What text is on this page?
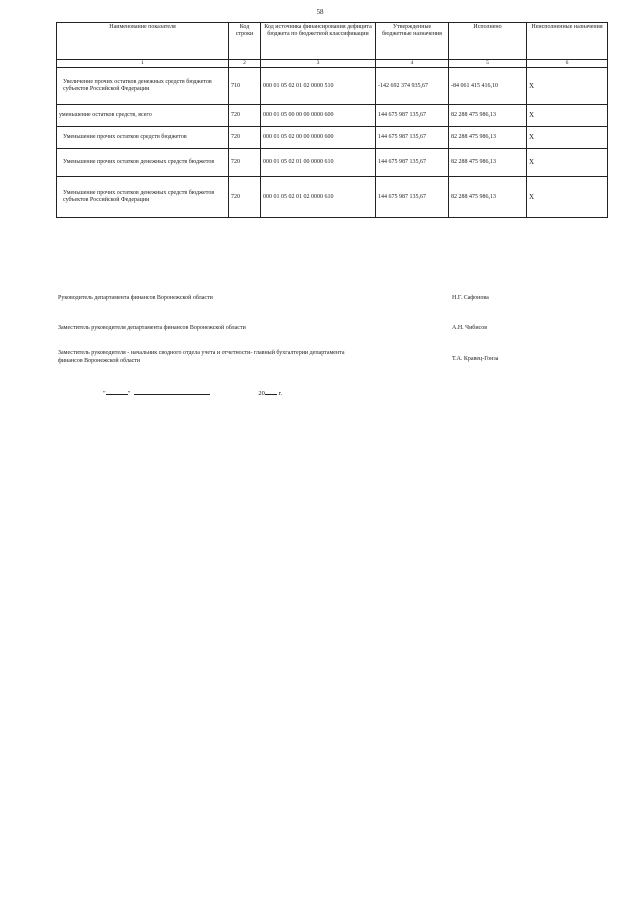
58
Наименование показателя	Код строки	Код источника финансирования дефицита бюджета по бюджетной классификации	Утвержденные бюджетные назначения	Исполнено	Неисполненные назначения
1	2	3	4	5	6
Увеличение прочих остатков денежных средств бюджетов субъектов Российской Федерации	710	000 01 05 02 01 02 0000 510	-142 692 374 935,67	-84 061 415 416,10	X
уменьшение остатков средств, всего	720	000 01 05 00 00 00 0000 600	144 675 987 135,67	82 288 475 986,13	X
Уменьшение прочих остатков средств бюджетов	720	000 01 05 02 00 00 0000 600	144 675 987 135,67	82 288 475 986,13	X
Уменьшение прочих остатков денежных средств бюджетов	720	000 01 05 02 01 00 0000 610	144 675 987 135,67	82 288 475 986,13	X
Уменьшение прочих остатков денежных средств бюджетов субъектов Российской Федерации	720	000 01 05 02 01 02 0000 610	144 675 987 135,67	82 288 475 986,13	X
Руководитель департамента финансов Воронежской области	Н.Г. Сафонова
Заместитель руководителя департамента финансов Воронежской области	А.Н. Чибисов
Заместитель руководителя - начальник сводного отдела учета и отчетности- главный бухгалтерии департамента финансов Воронежской области	Т.А. Кравец-Гонза
"	"	20 г.
